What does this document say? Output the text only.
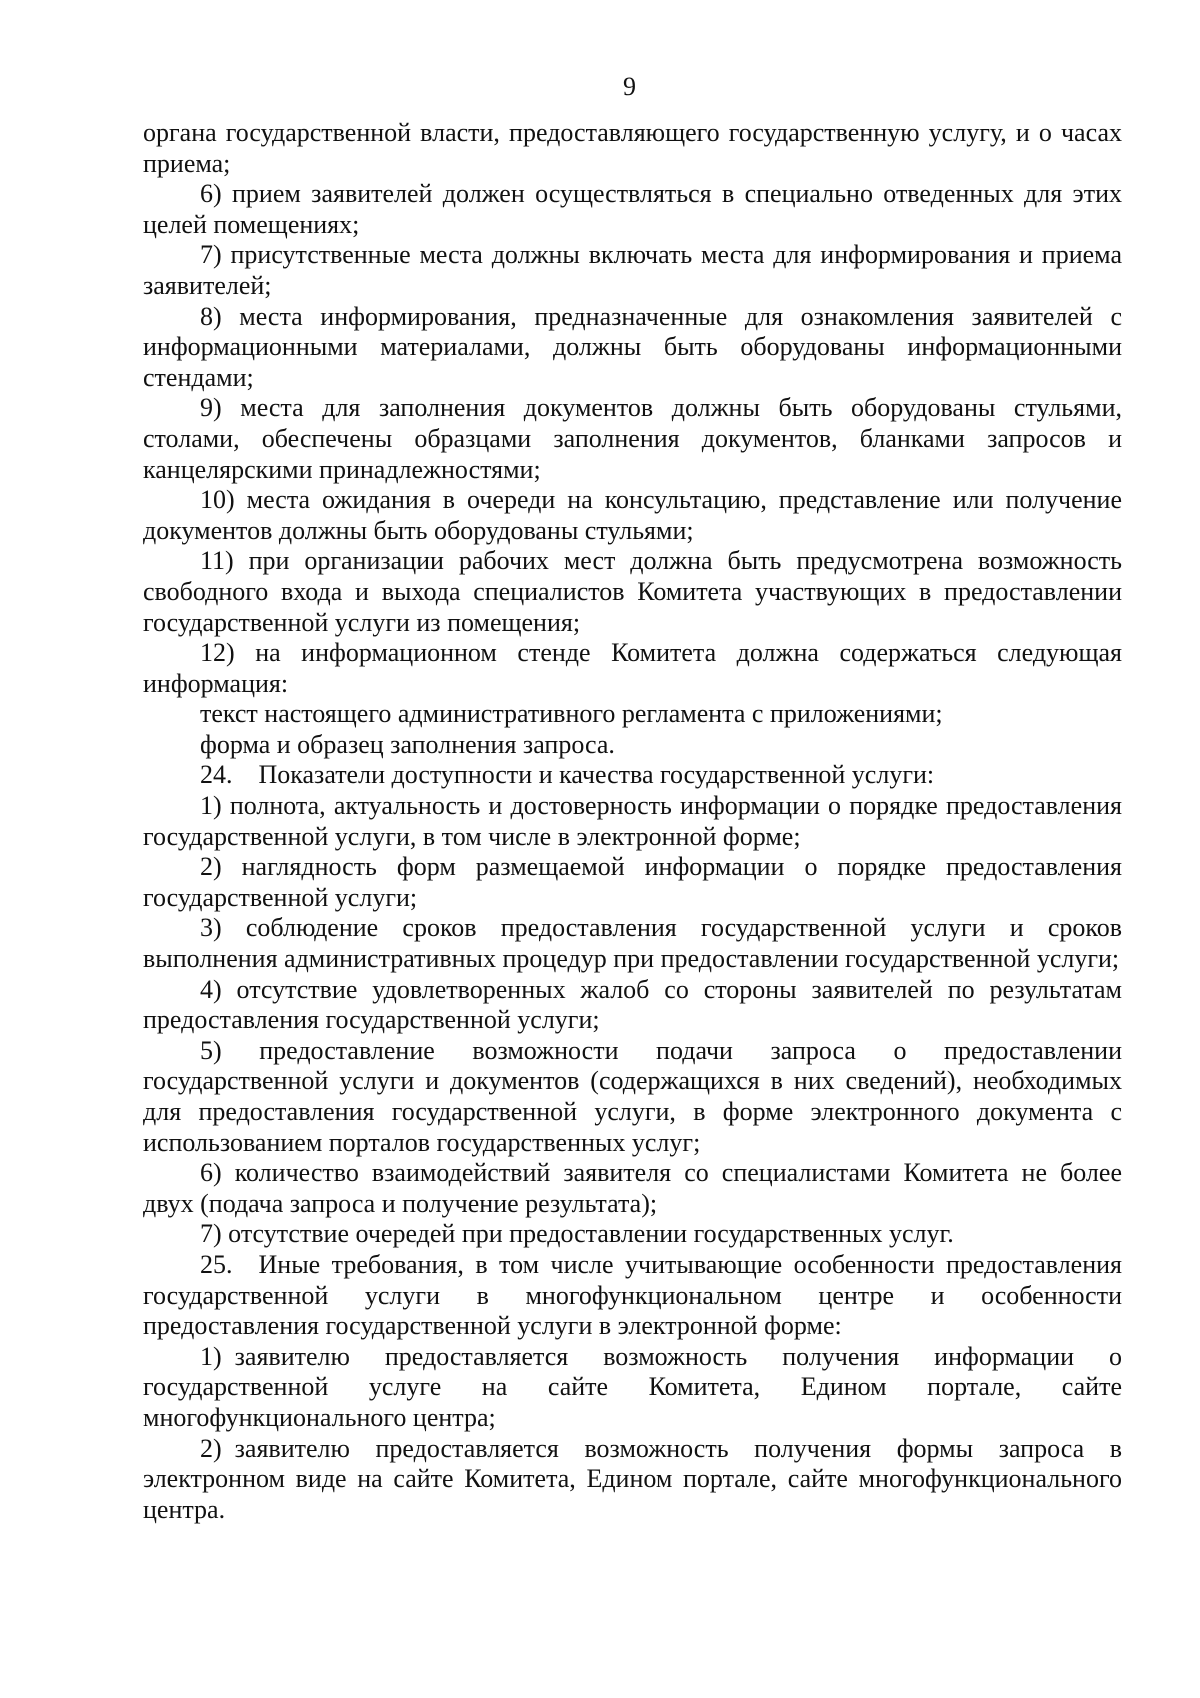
9

органа государственной власти, предоставляющего государственную услугу, и о часах приема;

6) прием заявителей должен осуществляться в специально отведенных для этих целей помещениях;

7) присутственные места должны включать места для информирования и приема заявителей;

8) места информирования, предназначенные для ознакомления заявителей с информационными материалами, должны быть оборудованы информационными стендами;

9) места для заполнения документов должны быть оборудованы стульями, столами, обеспечены образцами заполнения документов, бланками запросов и канцелярскими принадлежностями;

10) места ожидания в очереди на консультацию, представление или получение документов должны быть оборудованы стульями;

11) при организации рабочих мест должна быть предусмотрена возможность свободного входа и выхода специалистов Комитета участвующих в предоставлении государственной услуги из помещения;

12) на информационном стенде Комитета должна содержаться следующая информация:

текст настоящего административного регламента с приложениями;

форма и образец заполнения запроса.

24. Показатели доступности и качества государственной услуги:

1) полнота, актуальность и достоверность информации о порядке предоставления государственной услуги, в том числе в электронной форме;

2) наглядность форм размещаемой информации о порядке предоставления государственной услуги;

3) соблюдение сроков предоставления государственной услуги и сроков выполнения административных процедур при предоставлении государственной услуги;

4) отсутствие удовлетворенных жалоб со стороны заявителей по результатам предоставления государственной услуги;

5) предоставление возможности подачи запроса о предоставлении государственной услуги и документов (содержащихся в них сведений), необходимых для предоставления государственной услуги, в форме электронного документа с использованием порталов государственных услуг;

6) количество взаимодействий заявителя со специалистами Комитета не более двух (подача запроса и получение результата);

7) отсутствие очередей при предоставлении государственных услуг.

25. Иные требования, в том числе учитывающие особенности предоставления государственной услуги в многофункциональном центре и особенности предоставления государственной услуги в электронной форме:

1) заявителю предоставляется возможность получения информации о государственной услуге на сайте Комитета, Едином портале, сайте многофункционального центра;

2) заявителю предоставляется возможность получения формы запроса в электронном виде на сайте Комитета, Едином портале, сайте многофункционального центра.
